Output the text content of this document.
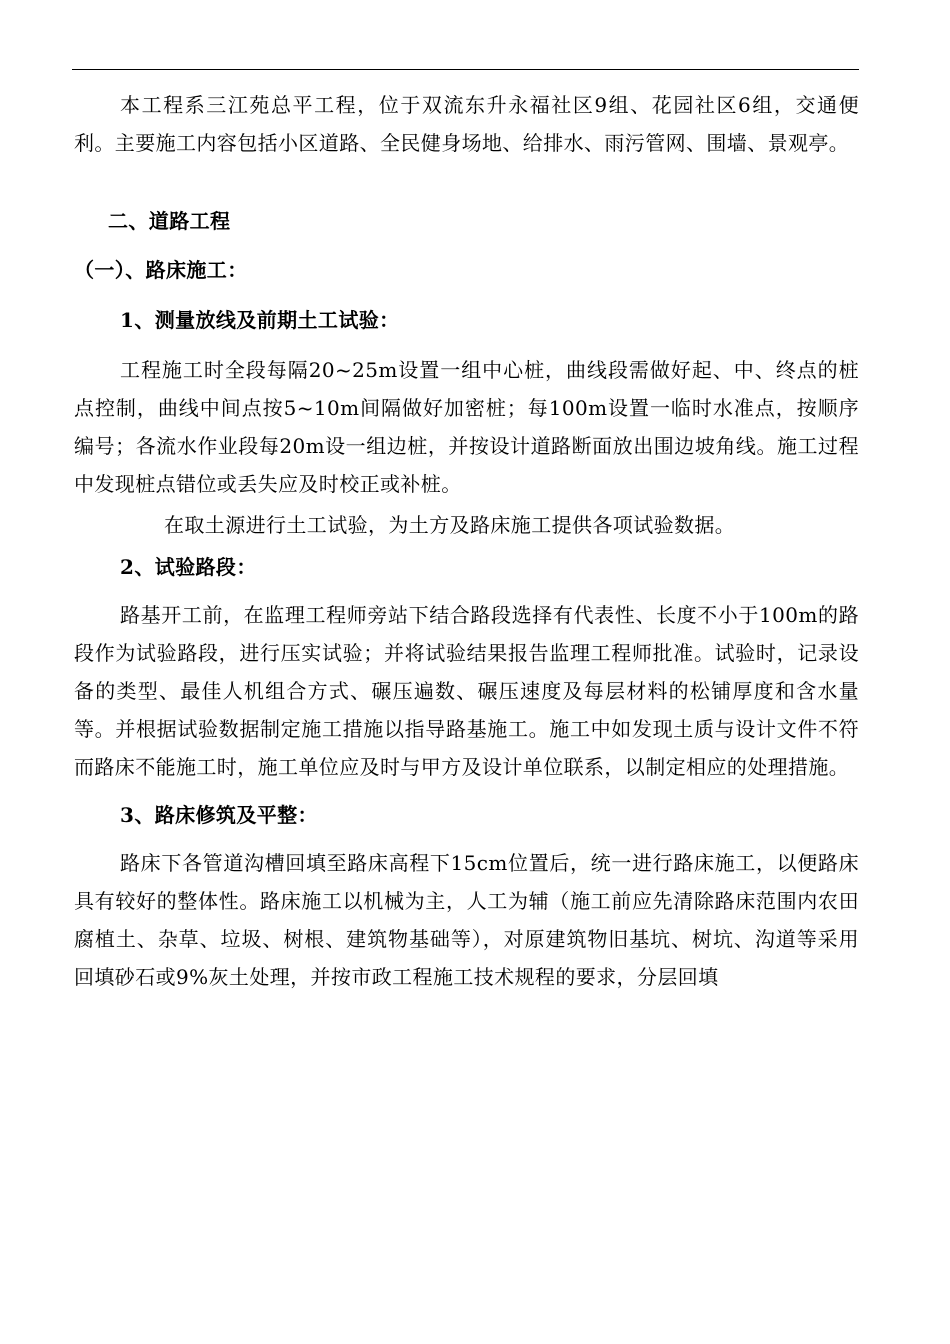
本工程系三江苑总平工程，位于双流东升永福社区9组、花园社区6组，交通便利。主要施工内容包括小区道路、全民健身场地、给排水、雨污管网、围墙、景观亭。

二、道路工程

（一）、路床施工：

1、测量放线及前期土工试验：

工程施工时全段每隔20~25m设置一组中心桩，曲线段需做好起、中、终点的桩点控制，曲线中间点按5~10m间隔做好加密桩；每100m设置一临时水准点，按顺序编号；各流水作业段每20m设一组边桩，并按设计道路断面放出围边坡角线。施工过程中发现桩点错位或丢失应及时校正或补桩。

在取土源进行土工试验，为土方及路床施工提供各项试验数据。

2、试验路段：

路基开工前，在监理工程师旁站下结合路段选择有代表性、长度不小于100m的路段作为试验路段，进行压实试验；并将试验结果报告监理工程师批准。试验时，记录设备的类型、最佳人机组合方式、碾压遍数、碾压速度及每层材料的松铺厚度和含水量等。并根据试验数据制定施工措施以指导路基施工。施工中如发现土质与设计文件不符而路床不能施工时，施工单位应及时与甲方及设计单位联系，以制定相应的处理措施。

3、路床修筑及平整：

路床下各管道沟槽回填至路床高程下15cm位置后，统一进行路床施工，以便路床具有较好的整体性。路床施工以机械为主，人工为辅（施工前应先清除路床范围内农田腐植土、杂草、垃圾、树根、建筑物基础等），对原建筑物旧基坑、树坑、沟道等采用回填砂石或9%灰土处理，并按市政工程施工技术规程的要求，分层回填
